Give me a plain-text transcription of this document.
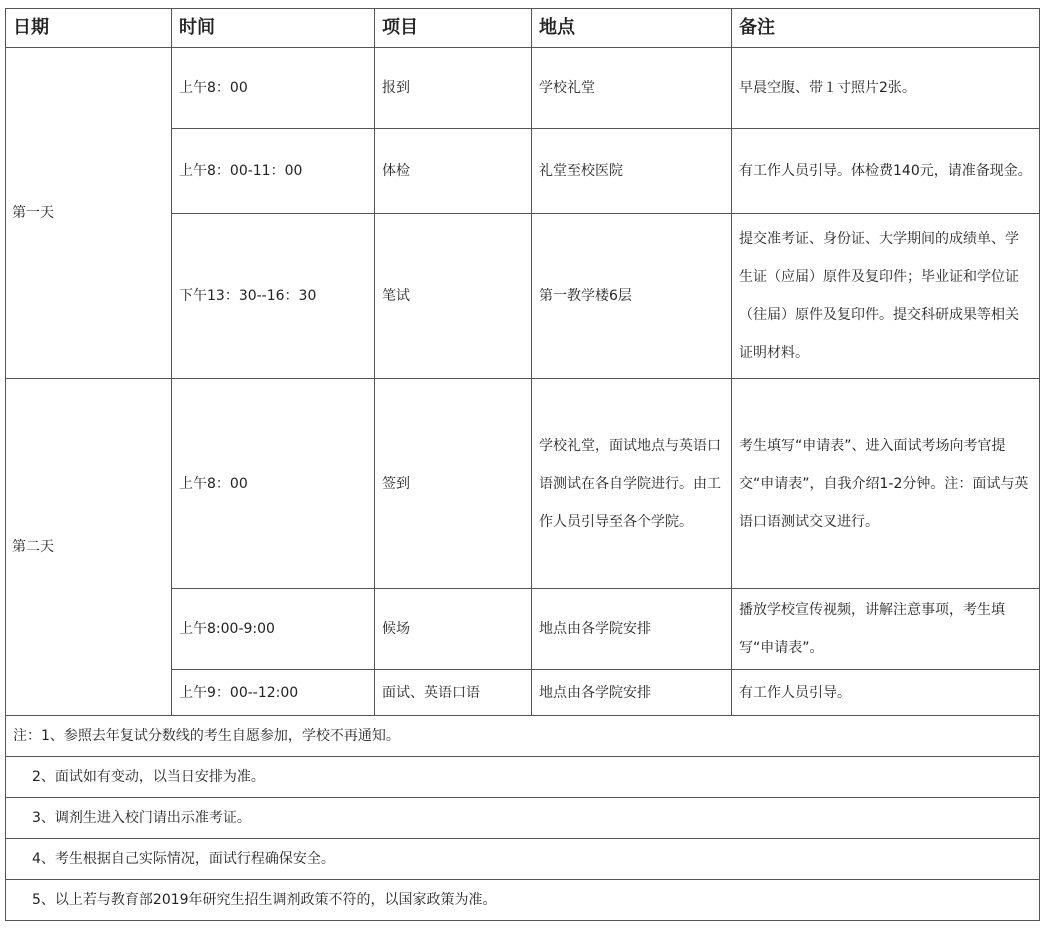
日期	时间	项目	地点	备注
第一天	上午8：00	报到	学校礼堂	早晨空腹、带１寸照片2张。
	上午8：00-11：00	体检	礼堂至校医院	有工作人员引导。体检费140元，请准备现金。
	下午13：30--16：30	笔试	第一教学楼6层	提交准考证、身份证、大学期间的成绩单、学生证（应届）原件及复印件；毕业证和学位证（往届）原件及复印件。提交科研成果等相关证明材料。
第二天	上午8：00	签到	学校礼堂，面试地点与英语口语测试在各自学院进行。由工作人员引导至各个学院。	考生填写“申请表”、进入面试考场向考官提交“申请表”，自我介绍1-2分钟。注：面试与英语口语测试交叉进行。
	上午8:00-9:00	候场	地点由各学院安排	播放学校宣传视频，讲解注意事项，考生填写“申请表”。
	上午9：00--12:00	面试、英语口语	地点由各学院安排	有工作人员引导。
注：1、参照去年复试分数线的考生自愿参加，学校不再通知。				
2、面试如有变动，以当日安排为准。				
3、调剂生进入校门请出示准考证。				
4、考生根据自己实际情况，面试行程确保安全。				
5、以上若与教育部2019年研究生招生调剂政策不符的，以国家政策为准。				
